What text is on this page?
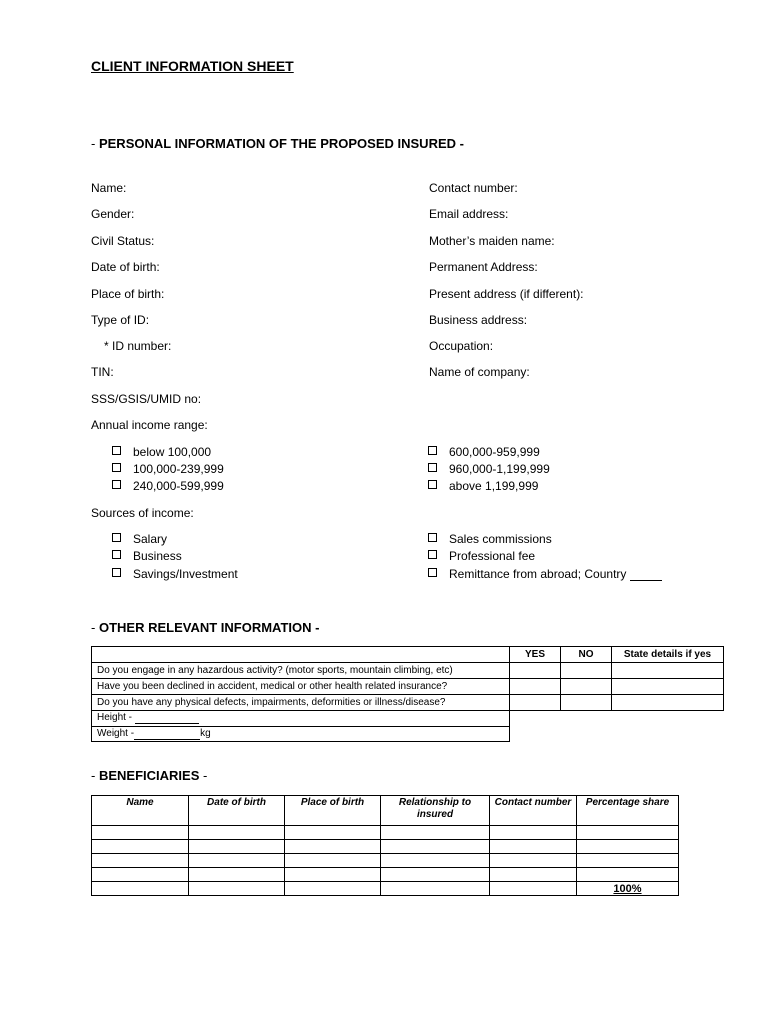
CLIENT INFORMATION SHEET
- PERSONAL INFORMATION OF THE PROPOSED INSURED -
Name:
Gender:
Civil Status:
Date of birth:
Place of birth:
Type of ID:
* ID number:
TIN:
SSS/GSIS/UMID no:
Annual income range:
Contact number:
Email address:
Mother’s maiden name:
Permanent Address:
Present address (if different):
Business address:
Occupation:
Name of company:
below 100,000
100,000-239,999
240,000-599,999
600,000-959,999
960,000-1,199,999
above 1,199,999
Sources of income:
Salary
Business
Savings/Investment
Sales commissions
Professional fee
Remittance from abroad; Country
- OTHER RELEVANT INFORMATION -
	YES	NO	State details if yes
Do you engage in any hazardous activity? (motor sports, mountain climbing, etc)			
Have you been declined in accident, medical or other health related insurance?			
Do you have any physical defects, impairments, deformities or illness/disease?			
Height -			
Weight - kg			
- BENEFICIARIES -
Name	Date of birth	Place of birth	Relationship to insured	Contact number	Percentage share

					100%
